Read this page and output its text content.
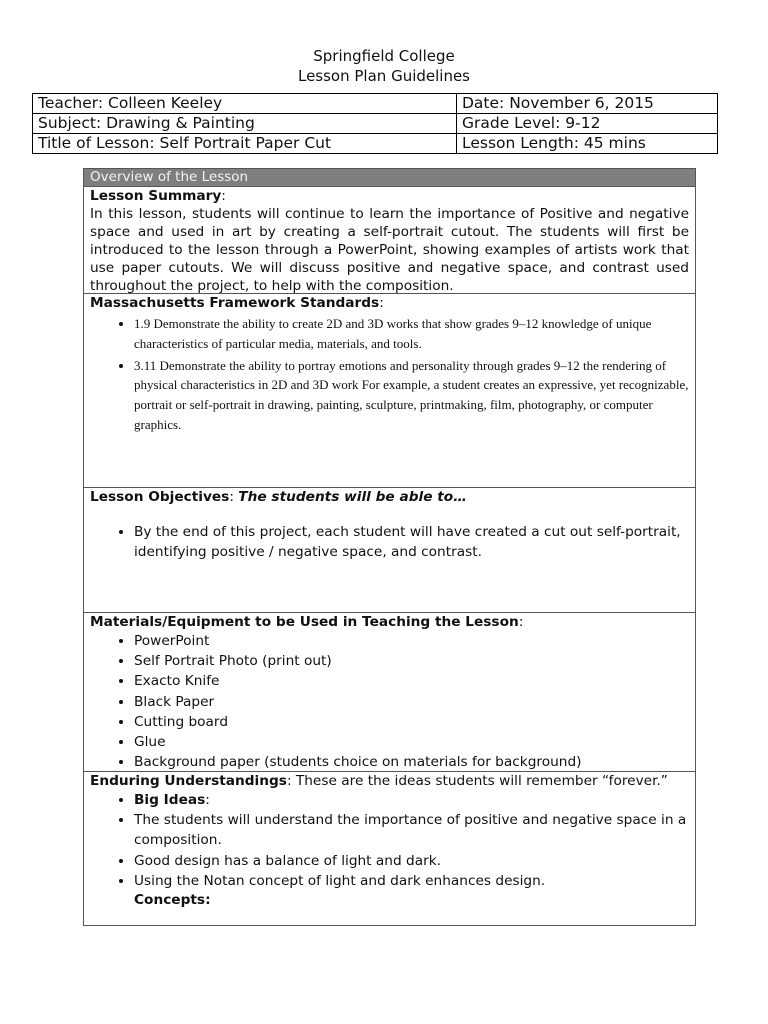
Springfield College
Lesson Plan Guidelines
Teacher: Colleen Keeley	Date: November 6, 2015
Subject: Drawing & Painting	Grade Level: 9-12
Title of Lesson: Self Portrait Paper Cut	Lesson Length: 45 mins
Overview of the Lesson
Lesson Summary:
In this lesson, students will continue to learn the importance of Positive and negative space and used in art by creating a self-portrait cutout. The students will first be introduced to the lesson through a PowerPoint, showing examples of artists work that use paper cutouts. We will discuss positive and negative space, and contrast used throughout the project, to help with the composition.
Massachusetts Framework Standards:
• 1.9 Demonstrate the ability to create 2D and 3D works that show grades 9–12 knowledge of unique characteristics of particular media, materials, and tools.
• 3.11 Demonstrate the ability to portray emotions and personality through grades 9–12 the rendering of physical characteristics in 2D and 3D work For example, a student creates an expressive, yet recognizable, portrait or self-portrait in drawing, painting, sculpture, printmaking, film, photography, or computer graphics.
Lesson Objectives: The students will be able to…
• By the end of this project, each student will have created a cut out self-portrait, identifying positive / negative space, and contrast.
Materials/Equipment to be Used in Teaching the Lesson:
• PowerPoint
• Self Portrait Photo (print out)
• Exacto Knife
• Black Paper
• Cutting board
• Glue
• Background paper (students choice on materials for background)
Enduring Understandings: These are the ideas students will remember “forever.”
• Big Ideas:
• The students will understand the importance of positive and negative space in a composition.
• Good design has a balance of light and dark.
• Using the Notan concept of light and dark enhances design.
Concepts:
